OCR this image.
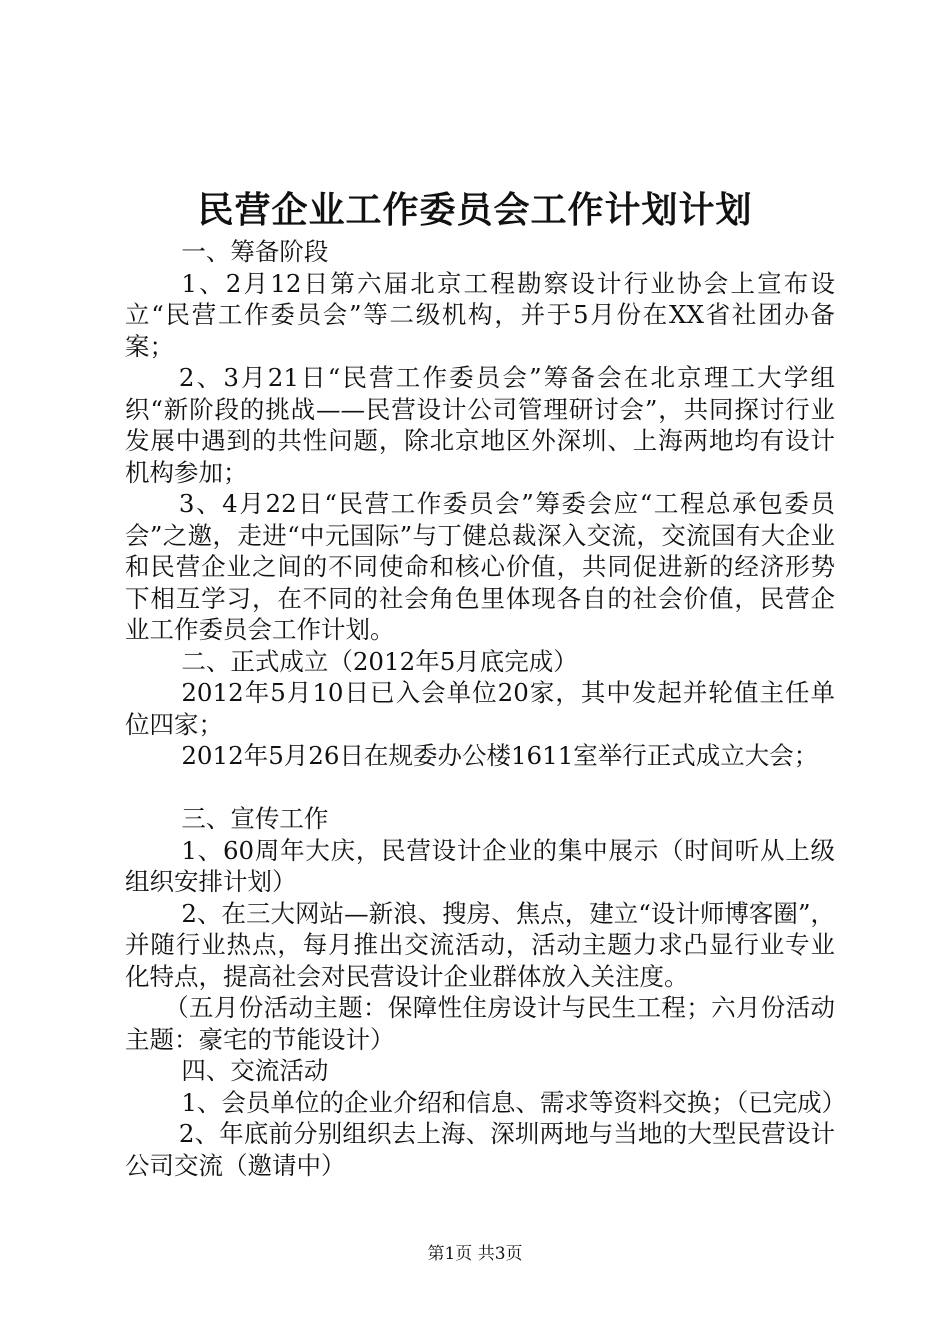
民营企业工作委员会工作计划计划

一、筹备阶段

1、2月12日第六届北京工程勘察设计行业协会上宣布设立“民营工作委员会”等二级机构，并于5月份在XX省社团办备案；

2、3月21日“民营工作委员会”筹备会在北京理工大学组织“新阶段的挑战——民营设计公司管理研讨会”，共同探讨行业发展中遇到的共性问题，除北京地区外深圳、上海两地均有设计机构参加；

3、4月22日“民营工作委员会”筹委会应“工程总承包委员会”之邀，走进“中元国际”与丁健总裁深入交流，交流国有大企业和民营企业之间的不同使命和核心价值，共同促进新的经济形势下相互学习，在不同的社会角色里体现各自的社会价值，民营企业工作委员会工作计划。

二、正式成立（2012年5月底完成）

2012年5月10日已入会单位20家，其中发起并轮值主任单位四家；

2012年5月26日在规委办公楼1611室举行正式成立大会；

三、宣传工作

1、60周年大庆，民营设计企业的集中展示（时间听从上级组织安排计划）

2、在三大网站—新浪、搜房、焦点，建立“设计师博客圈”，并随行业热点，每月推出交流活动，活动主题力求凸显行业专业化特点，提高社会对民营设计企业群体放入关注度。

（五月份活动主题：保障性住房设计与民生工程；六月份活动主题：豪宅的节能设计）

四、交流活动

1、会员单位的企业介绍和信息、需求等资料交换；（已完成）

2、年底前分别组织去上海、深圳两地与当地的大型民营设计公司交流（邀请中）

第1页 共3页
